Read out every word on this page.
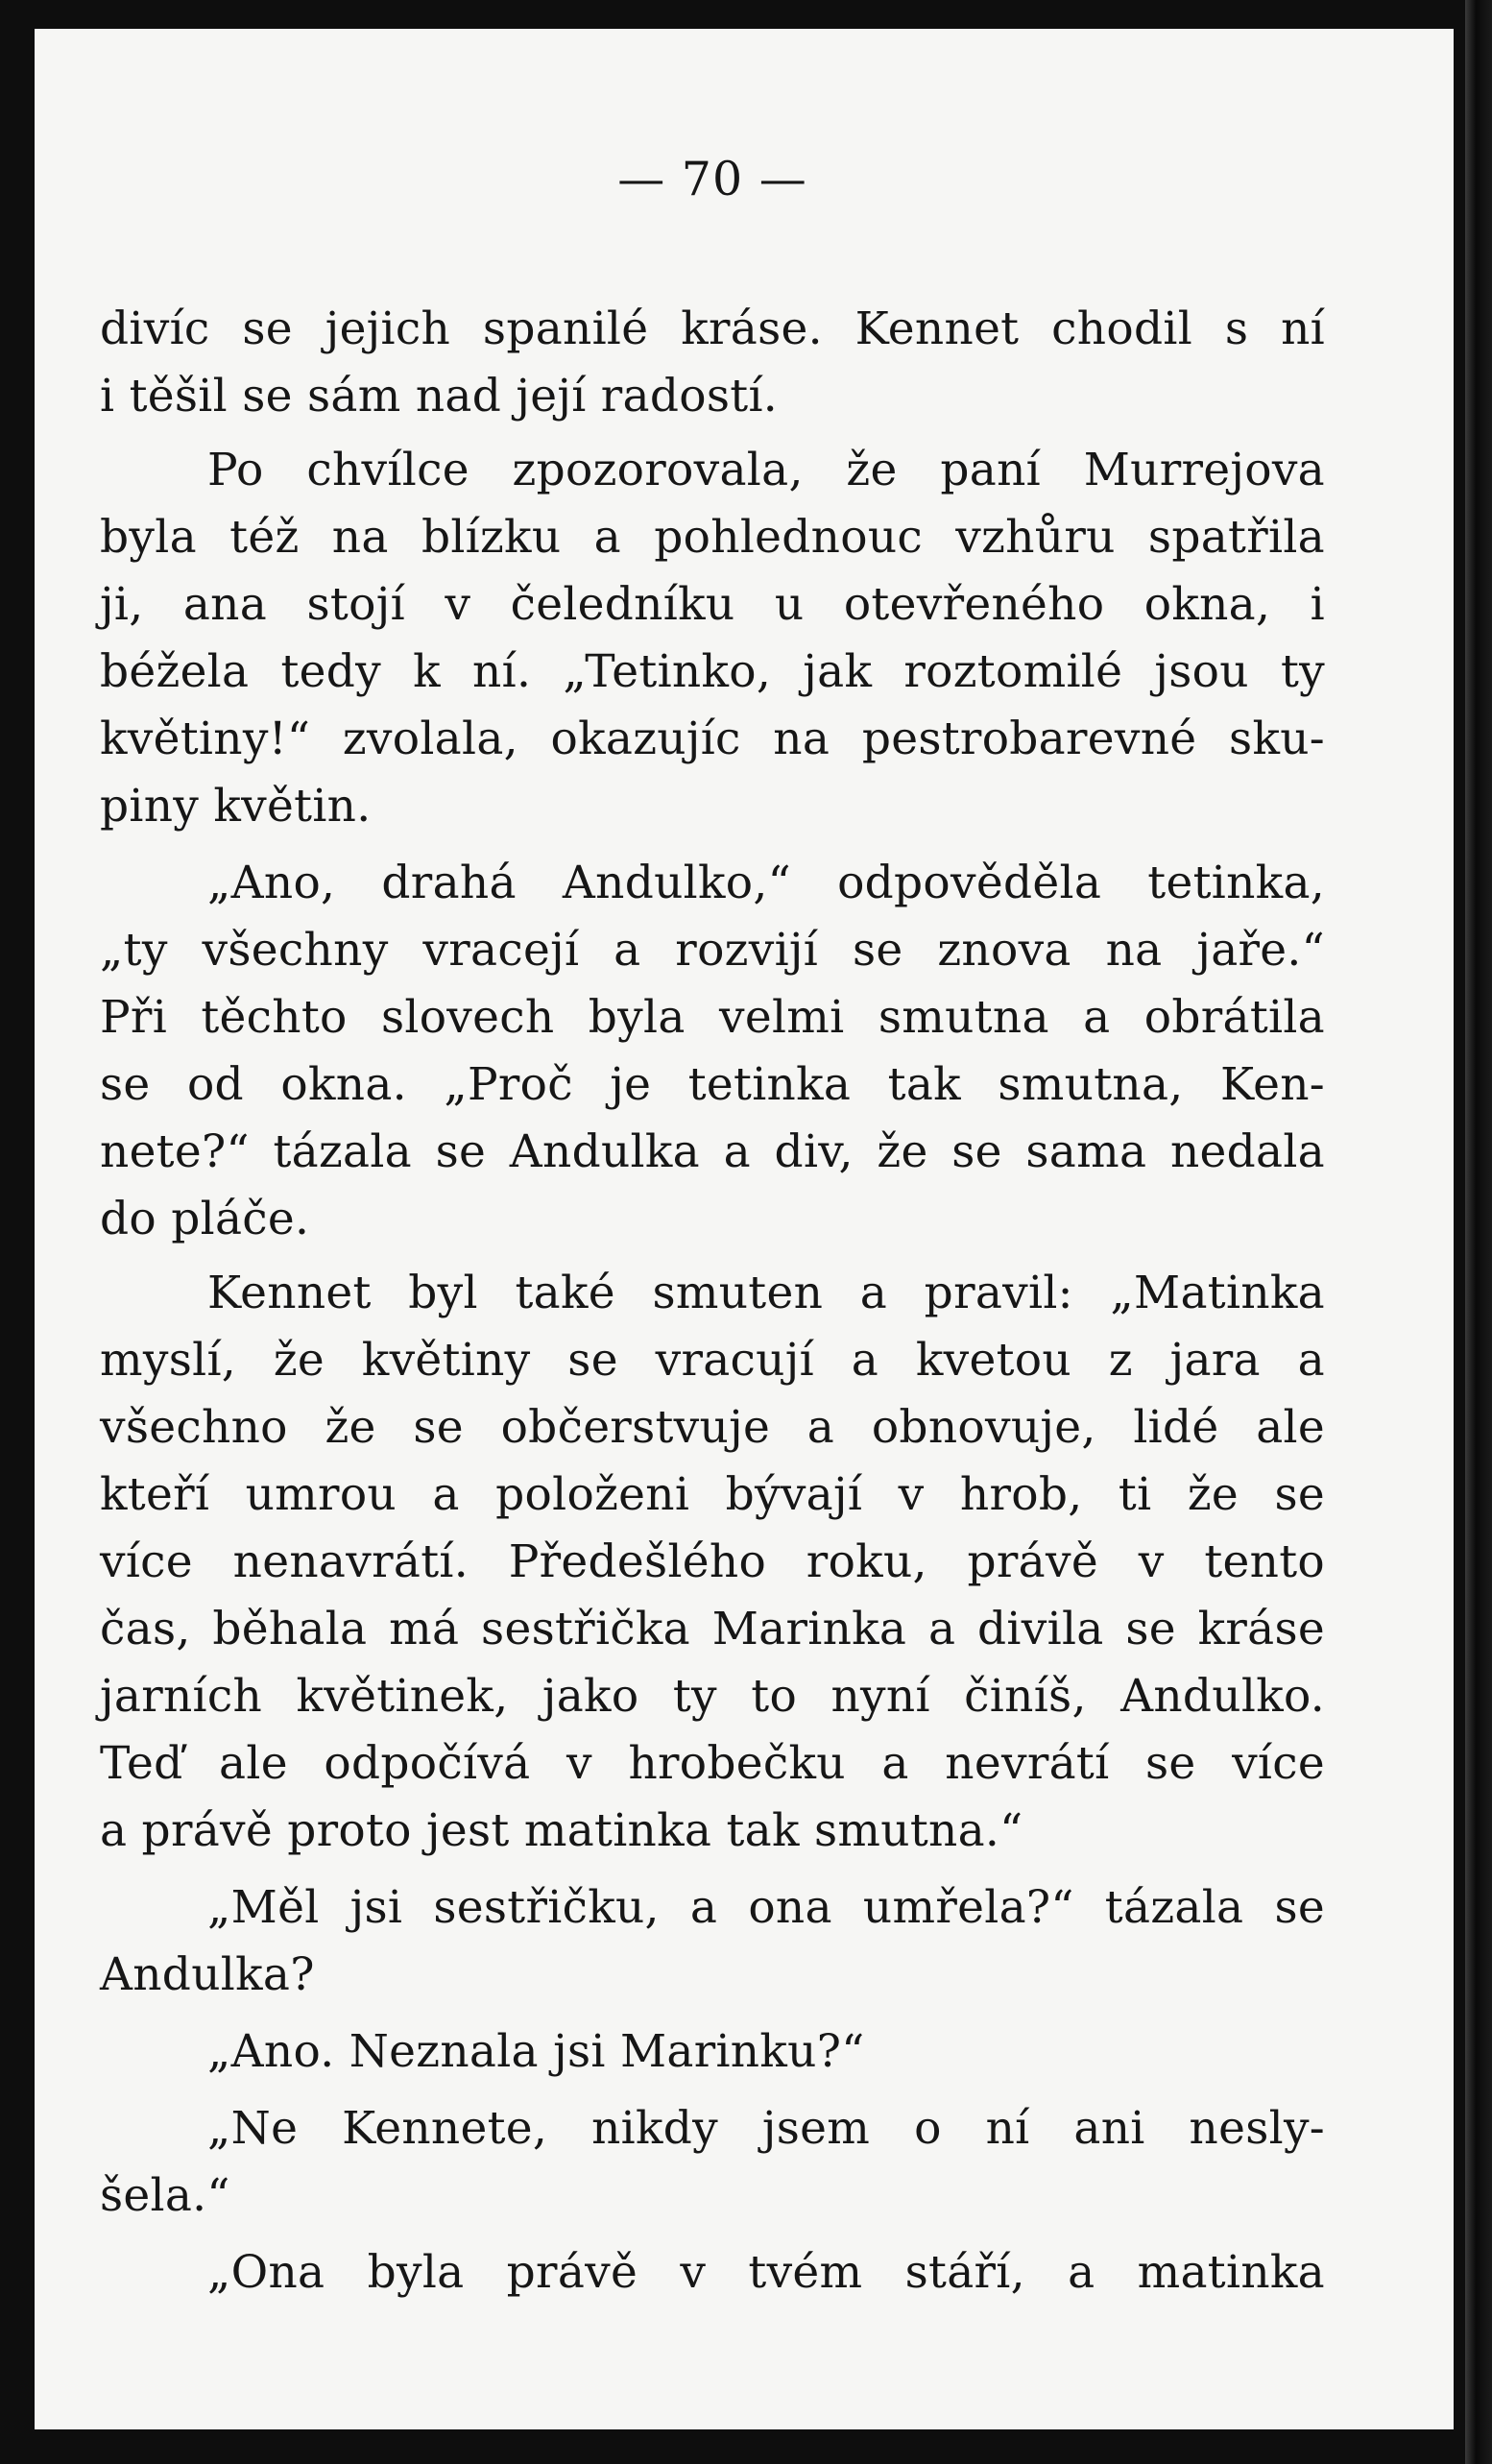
— 70 —
divíc se jejich spanilé kráse. Kennet chodil s ní
i těšil se sám nad její radostí.
Po chvílce zpozorovala, že paní Murrejova
byla též na blízku a pohlednouc vzhůru spatřila
ji, ana stojí v čeledníku u otevřeného okna, i
béžela tedy k ní. „Tetinko, jak roztomilé jsou ty
květiny!“ zvolala, okazujíc na pestrobarevné sku-
piny květin.
„Ano, drahá Andulko,“ odpověděla tetinka,
„ty všechny vracejí a rozvijí se znova na jaře.“
Při těchto slovech byla velmi smutna a obrátila
se od okna. „Proč je tetinka tak smutna, Ken-
nete?“ tázala se Andulka a div, že se sama nedala
do pláče.
Kennet byl také smuten a pravil: „Matinka
myslí, že květiny se vracují a kvetou z jara a
všechno že se občerstvuje a obnovuje, lidé ale
kteří umrou a položeni bývají v hrob, ti že se
více nenavrátí. Předešlého roku, právě v tento
čas, běhala má sestřička Marinka a divila se kráse
jarních květinek, jako ty to nyní činíš, Andulko.
Teď ale odpočívá v hrobečku a nevrátí se více
a právě proto jest matinka tak smutna.“
„Měl jsi sestřičku, a ona umřela?“ tázala se
Andulka?
„Ano. Neznala jsi Marinku?“
„Ne Kennete, nikdy jsem o ní ani nesly-
šela.“
„Ona byla právě v tvém stáří, a matinka
